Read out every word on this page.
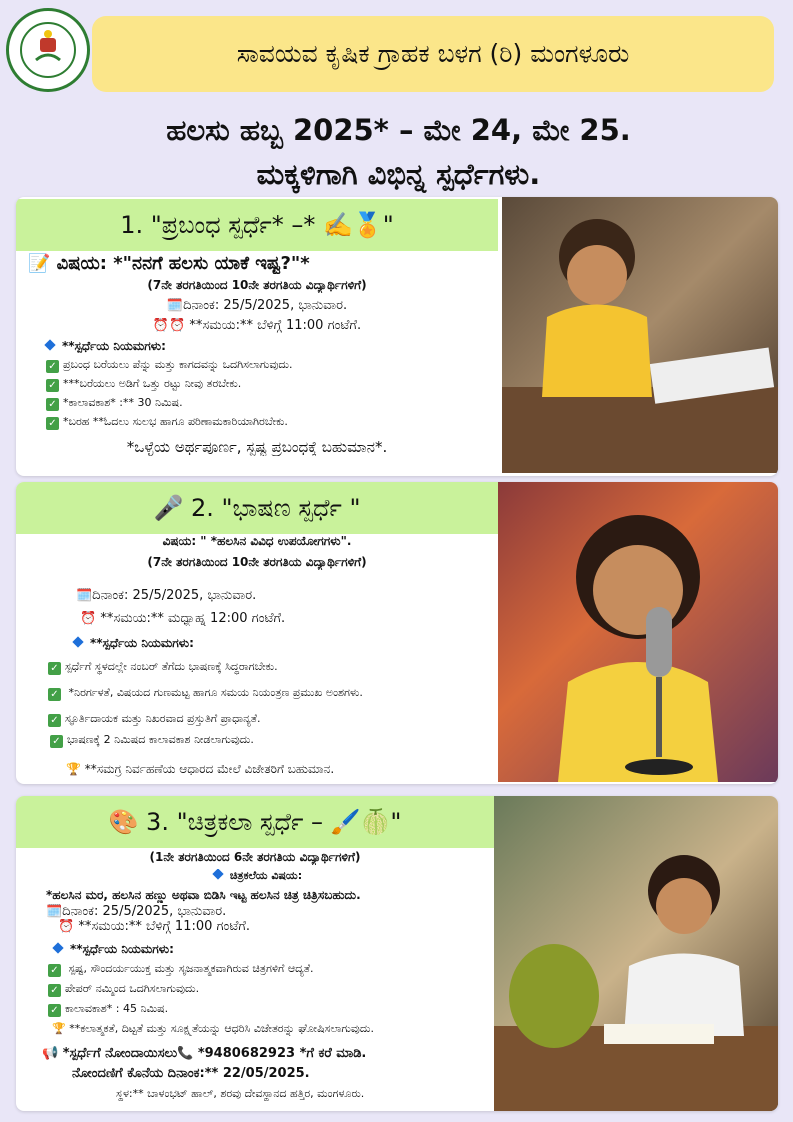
ಸಾವಯವ ಕೃಷಿಕ ಗ್ರಾಹಕ ಬಳಗ (ರಿ) ಮಂಗಳೂರು
ಹಲಸು ಹಬ್ಬ 2025* – ಮೇ 24, ಮೇ 25.
ಮಕ್ಕಳಿಗಾಗಿ ವಿಭಿನ್ನ ಸ್ಪರ್ಧೆಗಳು.
1. "ಪ್ರಬಂಧ ಸ್ಪರ್ಧೆ* –* ✍️🏅"
📝 ವಿಷಯ: *"ನನಗೆ ಹಲಸು ಯಾಕೆ ಇಷ್ಟ?"*
(7ನೇ ತರಗತಿಯಿಂದ 10ನೇ ತರಗತಿಯ ವಿದ್ಯಾರ್ಥಿಗಳಿಗೆ)
🗓️ದಿನಾಂಕ: 25/5/2025, ಭಾನುವಾರ.
⏰⏰ **ಸಮಯ:** ಬೆಳಿಗ್ಗೆ 11:00 ಗಂಟೆಗೆ.
**ಸ್ಪರ್ಧೆಯ ನಿಯಮಗಳು:
✓ ಪ್ರಬಂಧ ಬರೆಯಲು ಪೆನ್ನು ಮತ್ತು ಕಾಗದವನ್ನು ಒದಗಿಸಲಾಗುವುದು.
✓ ***ಬರೆಯಲು ಅಡಿಗೆ ಒತ್ತು ರಟ್ಟು ನೀವು ತರಬೇಕು.
✓ *ಕಾಲಾವಕಾಶ* :** 30 ನಿಮಿಷ.
✓ *ಬರಹ **ಓದಲು ಸುಲಭ ಹಾಗೂ ಪರಿಣಾಮಕಾರಿಯಾಗಿರಬೇಕು.
*ಒಳ್ಳೆಯ ಅರ್ಥಪೂರ್ಣ, ಸ್ಪಷ್ಟ ಪ್ರಬಂಧಕ್ಕೆ ಬಹುಮಾನ*.
🎤 2. "ಭಾಷಣ ಸ್ಪರ್ಧೆ "
ವಿಷಯ: " *ಹಲಸಿನ ವಿವಿಧ ಉಪಯೋಗಗಳು".
(7ನೇ ತರಗತಿಯಿಂದ 10ನೇ ತರಗತಿಯ ವಿದ್ಯಾರ್ಥಿಗಳಿಗೆ)
🗓️ದಿನಾಂಕ: 25/5/2025, ಭಾನುವಾರ.
⏰ **ಸಮಯ:** ಮಧ್ಯಾಹ್ನ 12:00 ಗಂಟೆಗೆ.
**ಸ್ಪರ್ಧೆಯ ನಿಯಮಗಳು:
✓ ಸ್ಪರ್ಧೆಗೆ ಸ್ಥಳದಲ್ಲೇ ನಂಬರ್ ತೆಗೆದು ಭಾಷಣಕ್ಕೆ ಸಿದ್ಧರಾಗಬೇಕು.
✓ *ನಿರರ್ಗಳತೆ, ವಿಷಯದ ಗುಣಮಟ್ಟ ಹಾಗೂ ಸಮಯ ನಿಯಂತ್ರಣ ಪ್ರಮುಖ ಅಂಶಗಳು.
✓ ಸ್ಫೂರ್ತಿದಾಯಕ ಮತ್ತು ನಿಖರವಾದ ಪ್ರಸ್ತುತಿಗೆ ಪ್ರಾಧಾನ್ಯತೆ.
✓ ಭಾಷಣಕ್ಕೆ 2 ನಿಮಿಷದ ಕಾಲಾವಕಾಶ ನೀಡಲಾಗುವುದು.
🏆 **ಸಮಗ್ರ ನಿರ್ವಹಣೆಯ ಆಧಾರದ ಮೇಲೆ ವಿಜೇತರಿಗೆ ಬಹುಮಾನ.
🎨 3. "ಚಿತ್ರಕಲಾ ಸ್ಪರ್ಧೆ – 🖌️🍈"
(1ನೇ ತರಗತಿಯಿಂದ 6ನೇ ತರಗತಿಯ ವಿದ್ಯಾರ್ಥಿಗಳಿಗೆ)
ಚಿತ್ರಕಲೆಯ ವಿಷಯ:
*ಹಲಸಿನ ಮರ, ಹಲಸಿನ ಹಣ್ಣು ಅಥವಾ ಬಿಡಿಸಿ ಇಟ್ಟ ಹಲಸಿನ ಚಿತ್ರ ಚಿತ್ರಿಸಬಹುದು.
🗓️ದಿನಾಂಕ: 25/5/2025, ಭಾನುವಾರ.
⏰ **ಸಮಯ:** ಬೆಳಿಗ್ಗೆ 11:00 ಗಂಟೆಗೆ.
**ಸ್ಪರ್ಧೆಯ ನಿಯಮಗಳು:
✓ ಸ್ಪಷ್ಟ, ಸೌಂದರ್ಯಯುಕ್ತ ಮತ್ತು ಸೃಜನಾತ್ಮಕವಾಗಿರುವ ಚಿತ್ರಗಳಿಗೆ ಆದ್ಯತೆ.
✓ ಪೇಪರ್ ನಮ್ಮಿಂದ ಒದಗಿಸಲಾಗುವುದು.
✓ ಕಾಲಾವಕಾಶ* : 45 ನಿಮಿಷ.
🏆 **ಕಲಾತ್ಮಕತೆ, ದಿಟ್ಟತೆ ಮತ್ತು ಸೂಕ್ಷ್ಮತೆಯನ್ನು ಆಧರಿಸಿ ವಿಜೇತರನ್ನು ಘೋಷಿಸಲಾಗುವುದು.
📢 *ಸ್ಪರ್ಧೆಗೆ ನೋಂದಾಯಿಸಲು📞 *9480682923 *ಗೆ ಕರೆ ಮಾಡಿ.
ನೋಂದಣಿಗೆ ಕೊನೆಯ ದಿನಾಂಕ:** 22/05/2025.
ಸ್ಥಳ:** ಬಾಳಂಭಟ್ ಹಾಲ್, ಶರವು ದೇವಸ್ಥಾನದ ಹತ್ತಿರ, ಮಂಗಳೂರು.
